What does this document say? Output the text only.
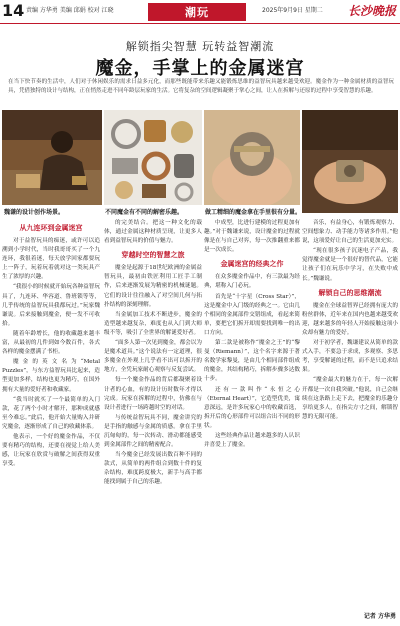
14 责编 方华勇 美编 邱娟 校对 江晓	潮玩	2025年9月9日 星期二 长沙晚报
解锁指尖智慧 玩转益智潮流
魔金，手掌上的金属迷宫
在当下快节奏的生活中，人们对于休闲娱乐的需求日益多元化，而那些既能带来乐趣又能锻炼思维的益智玩具越来越受欢迎。魔金作为一种金属材质的益智玩具，凭借独特的设计与结构，正在悄然走进不同年龄层玩家的生活。它将复杂的空间逻辑凝聚于掌心之间，让人在拆解与还原的过程中享受智慧的乐趣。
魏谦的设计创作场景。	不同魔金有不同的解密乐趣。	做工精细的魔金拿在手里很有分量。
从九连环到金属迷宫

对于益智玩具的痴迷，或许可以追溯到小学时代，当时我哥哥买了一个九连环，我很着迷，每天放学回家都要玩上一阵子，玩着玩着就对这一类玩具产生了浓厚的兴趣。

“我很小的时候就开始玩各种益智玩具了，九连环、华容道、鲁班锁等等，几乎传统的益智玩具我都玩过。”玩家魏谦说。后来接触到魔金，便一发不可收拾。

随着年龄增长，他的收藏越来越丰富，从最初的几件到如今数百件，各式各样的魔金摆满了书柜。

魔金的英文名为“Metal Puzzles”，与东方益智玩具比起来，造型更加多样，结构也更为精巧，在国外拥有大量的爱好者和收藏家。

“我当时就买了一个最简单的入门款，花了两个小时才解开，那种成就感至今难忘。”此后，他开始大量购入并研究魔金，逐渐形成了自己的收藏体系。

他表示，一个好的魔金作品，不仅要有精巧的结构，还要在视觉上给人美感，让玩家在欣赏与破解之间获得双重享受。

的完美结合。把这一种文化的载体，通过金属这种材质呈现，让更多人看到益智玩具的价值与魅力。

穿越时空的智慧之旅

魔金是起源于18世纪欧洲的金属益智玩具，最初由铁匠利用工匠手工制作，后来逐渐发展为精密的机械谜题。它们的设计往往融入了对空间几何与拓扑结构的深刻理解。

当金属加工技术不断进步，魔金的造型越来越复杂，难度也从入门到大师级不等，吸引了全世界的解谜爱好者。

“面多人第一次见到魔金，都会以为是魔术道具。”这个说法有一定道理，很多魔金在外观上几乎看不出可以拆开的地方，全凭玩家耐心观察与反复尝试。

每一个魔金作品的背后都凝聚着设计者的心血，有的设计历时数年才得以完成。玩家在拆解的过程中，仿佛在与设计者进行一场跨越时空的对话。

与传统益智玩具不同，魔金讲究的是手指的触感与金属的质感。拿在手里沉甸甸的，每一次转动、滑动都能感受到金属部件之间的精密配合。

当今魔金已经发展出数百种不同的款式，从简单的两件组合到数十件的复杂结构，难度跨度极大，新手与高手都能找到属于自己的乐趣。

中成型，比进行建模的过程更加有趣。”对于魏谦来说，设计魔金的过程就像是在与自己对弈，每一次推翻重来都是一次成长。

金属迷宫的经典之作

在众多魔金作品中，有三款最为经典，堪称入门必玩。

首先是“十字星（Cross Star）”，这是魔金中入门级的经典之一。它由几个相同的金属部件交错组成，看起来简单，要把它们拆开却需要找到唯一的出口方向。

第二款是被称作“魔金之王”的“黎曼（Riemann）”，这个名字来源于著名数学家黎曼，是由几个相同部件组成的魔金，其结构精巧，拆解步骤多达数十步。

还有一款叫作“永恒之心（Eternal Heart）”，它造型优美，寓意深远，是许多玩家心中的收藏首选，拆开后的心形部件可以组合出不同的形状。

这些经典作品让越来越多的人认识并喜爱上了魔金。

音乐，有益身心，有锻炼观察力、空间想象力、动手能力等诸多作用。”他说，这项爱好让自己的生活更加充实。

“现在很多孩子沉迷电子产品，我觉得魔金就是一个很好的替代品，它能让孩子们在玩乐中学习，在失败中成长。”魏谦说。

解锁自己的思维潮流

魔金在全球益智界已经拥有庞大的粉丝群体，近年来在国内也越来越受欢迎，越来越多的年轻人开始接触这项小众却有魅力的爱好。

对于初学者，魏谦建议从简单的款式入手，不要急于求成，多观察、多思考，享受解谜的过程，而不是只追求结果。

“魔金最大的魅力在于，每一次解开都是一次自我突破。”他说，自己会继续在这条路上走下去，把魔金的乐趣分享给更多人，在指尖方寸之间，解锁智慧的无限可能。

记者 方华勇
